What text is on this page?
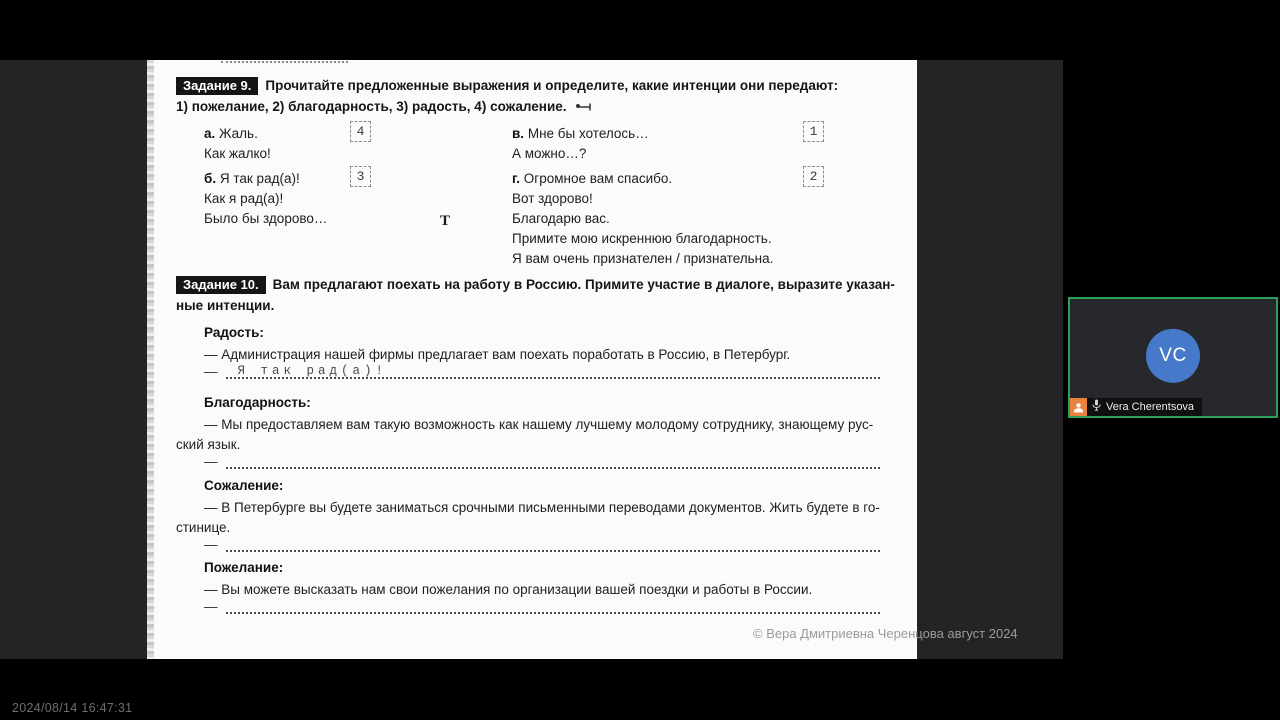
Задание 9. Прочитайте предложенные выражения и определите, какие интенции они передают:
1) пожелание, 2) благодарность, 3) радость, 4) сожаление.
а. Жаль.
Как жалко!
4	в. Мне бы хотелось…
А можно…?
1
б. Я так рад(а)!
Как я рад(а)!
Было бы здорово…
3	г. Огромное вам спасибо.
Вот здорово!
Благодарю вас.
Примите мою искреннюю благодарность.
Я вам очень признателен / признательна.
2
Т
Задание 10. Вам предлагают поехать на работу в Россию. Примите участие в диалоге, выразите указан-
ные интенции.
Радость:

— Администрация нашей фирмы предлагает вам поехать поработать в Россию, в Петербург.

— Я так рад(а)!
Благодарность:

— Мы предоставляем вам такую возможность как нашему лучшему молодому сотруднику, знающему рус-
ский язык.

—
Сожаление:

— В Петербурге вы будете заниматься срочными письменными переводами документов. Жить будете в го-
стинице.

—
Пожелание:

— Вы можете высказать нам свои пожелания по организации вашей поездки и работы в России.

—
© Вера Дмитриевна Черенцова август 2024
VC
Vera Cherentsova
2024/08/14 16:47:31
